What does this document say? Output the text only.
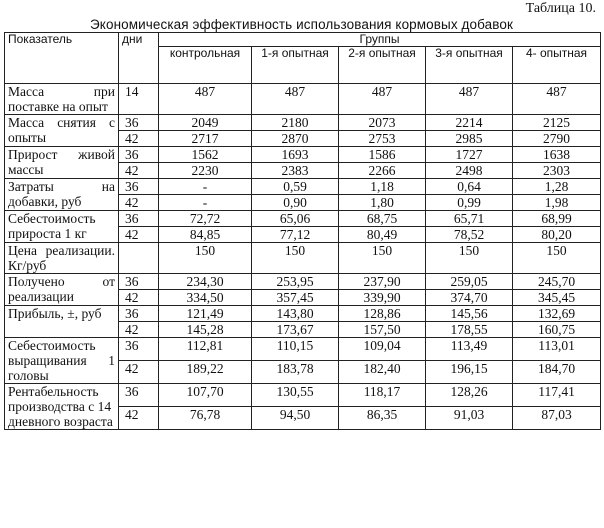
Таблица 10.
Экономическая эффективность использования кормовых добавок
Показатель	дни	Группы				
		контрольная	1-я опытная	2-я опытная	3-я опытная	4- опытная
Масса при поставке на опыт	14	487	487	487	487	487
Масса снятия с опыты	36	2049	2180	2073	2214	2125
	42	2717	2870	2753	2985	2790
Прирост живой массы	36	1562	1693	1586	1727	1638
	42	2230	2383	2266	2498	2303
Затраты на добавки, руб	36	-	0,59	1,18	0,64	1,28
	42	-	0,90	1,80	0,99	1,98
Себестоимость прироста 1 кг	36	72,72	65,06	68,75	65,71	68,99
	42	84,85	77,12	80,49	78,52	80,20
Цена реализации. Кг/руб		150	150	150	150	150
Получено от реализации	36	234,30	253,95	237,90	259,05	245,70
	42	334,50	357,45	339,90	374,70	345,45
Прибыль, ±, руб	36	121,49	143,80	128,86	145,56	132,69
	42	145,28	173,67	157,50	178,55	160,75
Себестоимость выращивания 1 головы	36	112,81	110,15	109,04	113,49	113,01
	42	189,22	183,78	182,40	196,15	184,70
Рентабельность производства с 14 дневного возраста	36	107,70	130,55	118,17	128,26	117,41
	42	76,78	94,50	86,35	91,03	87,03
